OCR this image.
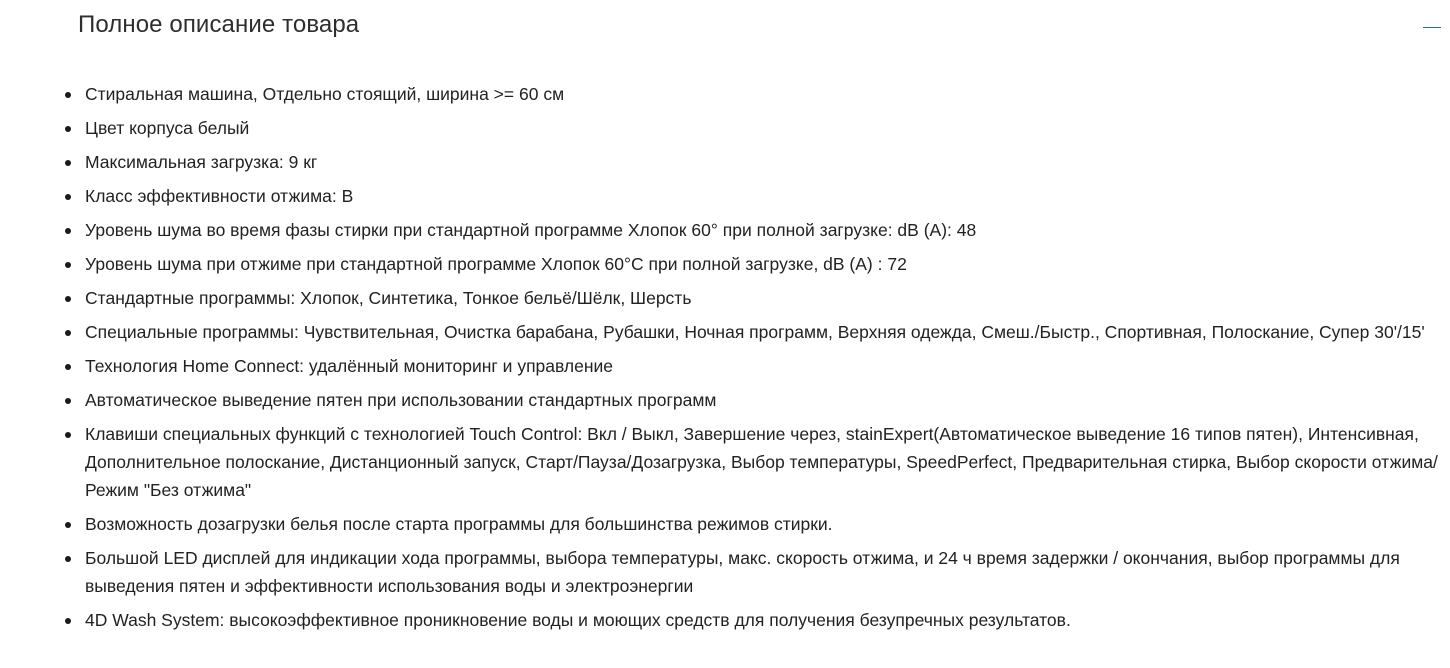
Полное описание товара
Стиральная машина, Отдельно стоящий, ширина >= 60 см
Цвет корпуса белый
Максимальная загрузка: 9 кг
Класс эффективности отжима: B
Уровень шума во время фазы стирки при стандартной программе Хлопок 60° при полной загрузке: dB (A): 48
Уровень шума при отжиме при стандартной программе Хлопок 60°C при полной загрузке, dB (A) : 72
Стандартные программы: Хлопок, Синтетика, Тонкое бельё/Шёлк, Шерсть
Специальные программы: Чувствительная, Очистка барабана, Рубашки, Ночная программ, Верхняя одежда, Смеш./Быстр., Спортивная, Полоскание, Супер 30'/15'
Технология Home Connect: удалённый мониторинг и управление
Автоматическое выведение пятен при использовании стандартных программ
Клавиши специальных функций с технологией Touch Control: Вкл / Выкл, Завершение через, stainExpert(Автоматическое выведение 16 типов пятен), Интенсивная, Дополнительное полоскание, Дистанционный запуск, Старт/Пауза/Дозагрузка, Выбор температуры, SpeedPerfect, Предварительная стирка, Выбор скорости отжима/Режим "Без отжима"
Возможность дозагрузки белья после старта программы для большинства режимов стирки.
Большой LED дисплей для индикации хода программы, выбора температуры, макс. скорость отжима, и 24 ч время задержки / окончания, выбор программы для выведения пятен и эффективности использования воды и электроэнергии
4D Wash System: высокоэффективное проникновение воды и моющих средств для получения безупречных результатов.
